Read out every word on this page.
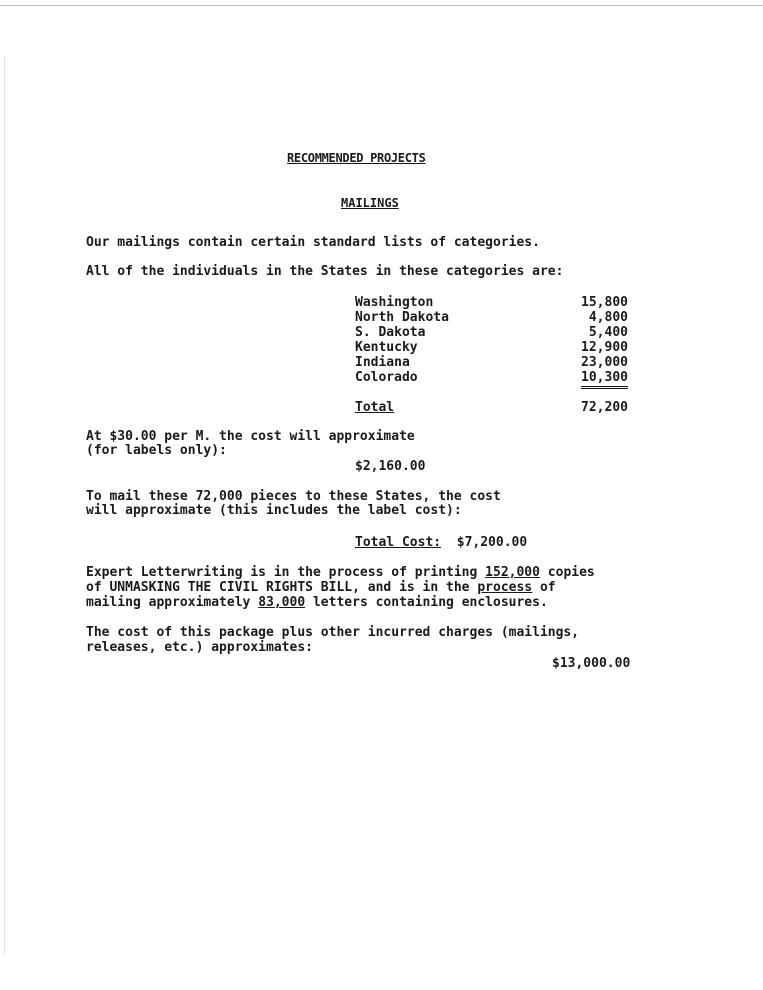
RECOMMENDED PROJECTS
MAILINGS
Our mailings contain certain standard lists of categories.
All of the individuals in the States in these categories are:
Washington	15,800
North Dakota	4,800
S. Dakota	5,400
Kentucky	12,900
Indiana	23,000
Colorado	10,300
Total	72,200
At $30.00 per M. the cost will approximate
(for labels only):
$2,160.00
To mail these 72,000 pieces to these States, the cost
will approximate (this includes the label cost):
Total Cost: $7,200.00
Expert Letterwriting is in the process of printing 152,000 copies
of UNMASKING THE CIVIL RIGHTS BILL, and is in the process of
mailing approximately 83,000 letters containing enclosures.
The cost of this package plus other incurred charges (mailings,
releases, etc.) approximates:
$13,000.00
